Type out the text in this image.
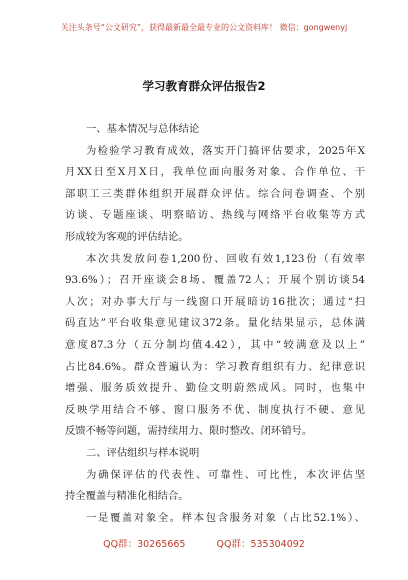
关注头条号“公文研究”，获得最新最全最专业的公文资料库！ 微信：gongwenyj
学习教育群众评估报告2
一、基本情况与总体结论
为检验学习教育成效，落实开门搞评估要求，2025年X
月XX日至X月X日，我单位面向服务对象、合作单位、干
部职工三类群体组织开展群众评估。综合问卷调查、个别
访谈、专题座谈、明察暗访、热线与网络平台收集等方式
形成较为客观的评估结论。
本次共发放问卷1,200份、回收有效1,123份（有效率
93.6%）；召开座谈会8场、覆盖72人；开展个别访谈54
人次；对办事大厅与一线窗口开展暗访16批次；通过“扫
码直达”平台收集意见建议372条。量化结果显示，总体满
意度87.3分（五分制均值4.42），其中“较满意及以上”
占比84.6%。群众普遍认为：学习教育组织有力、纪律意识
增强、服务质效提升、勤俭文明蔚然成风。同时，也集中
反映学用结合不够、窗口服务不优、制度执行不硬、意见
反馈不畅等问题，需持续用力、限时整改、闭环销号。
二、评估组织与样本说明
为确保评估的代表性、可靠性、可比性，本次评估坚
持全覆盖与精准化相结合。
一是覆盖对象全。样本包含服务对象（占比52.1%）、
QQ群：30265665	QQ群：535304092
